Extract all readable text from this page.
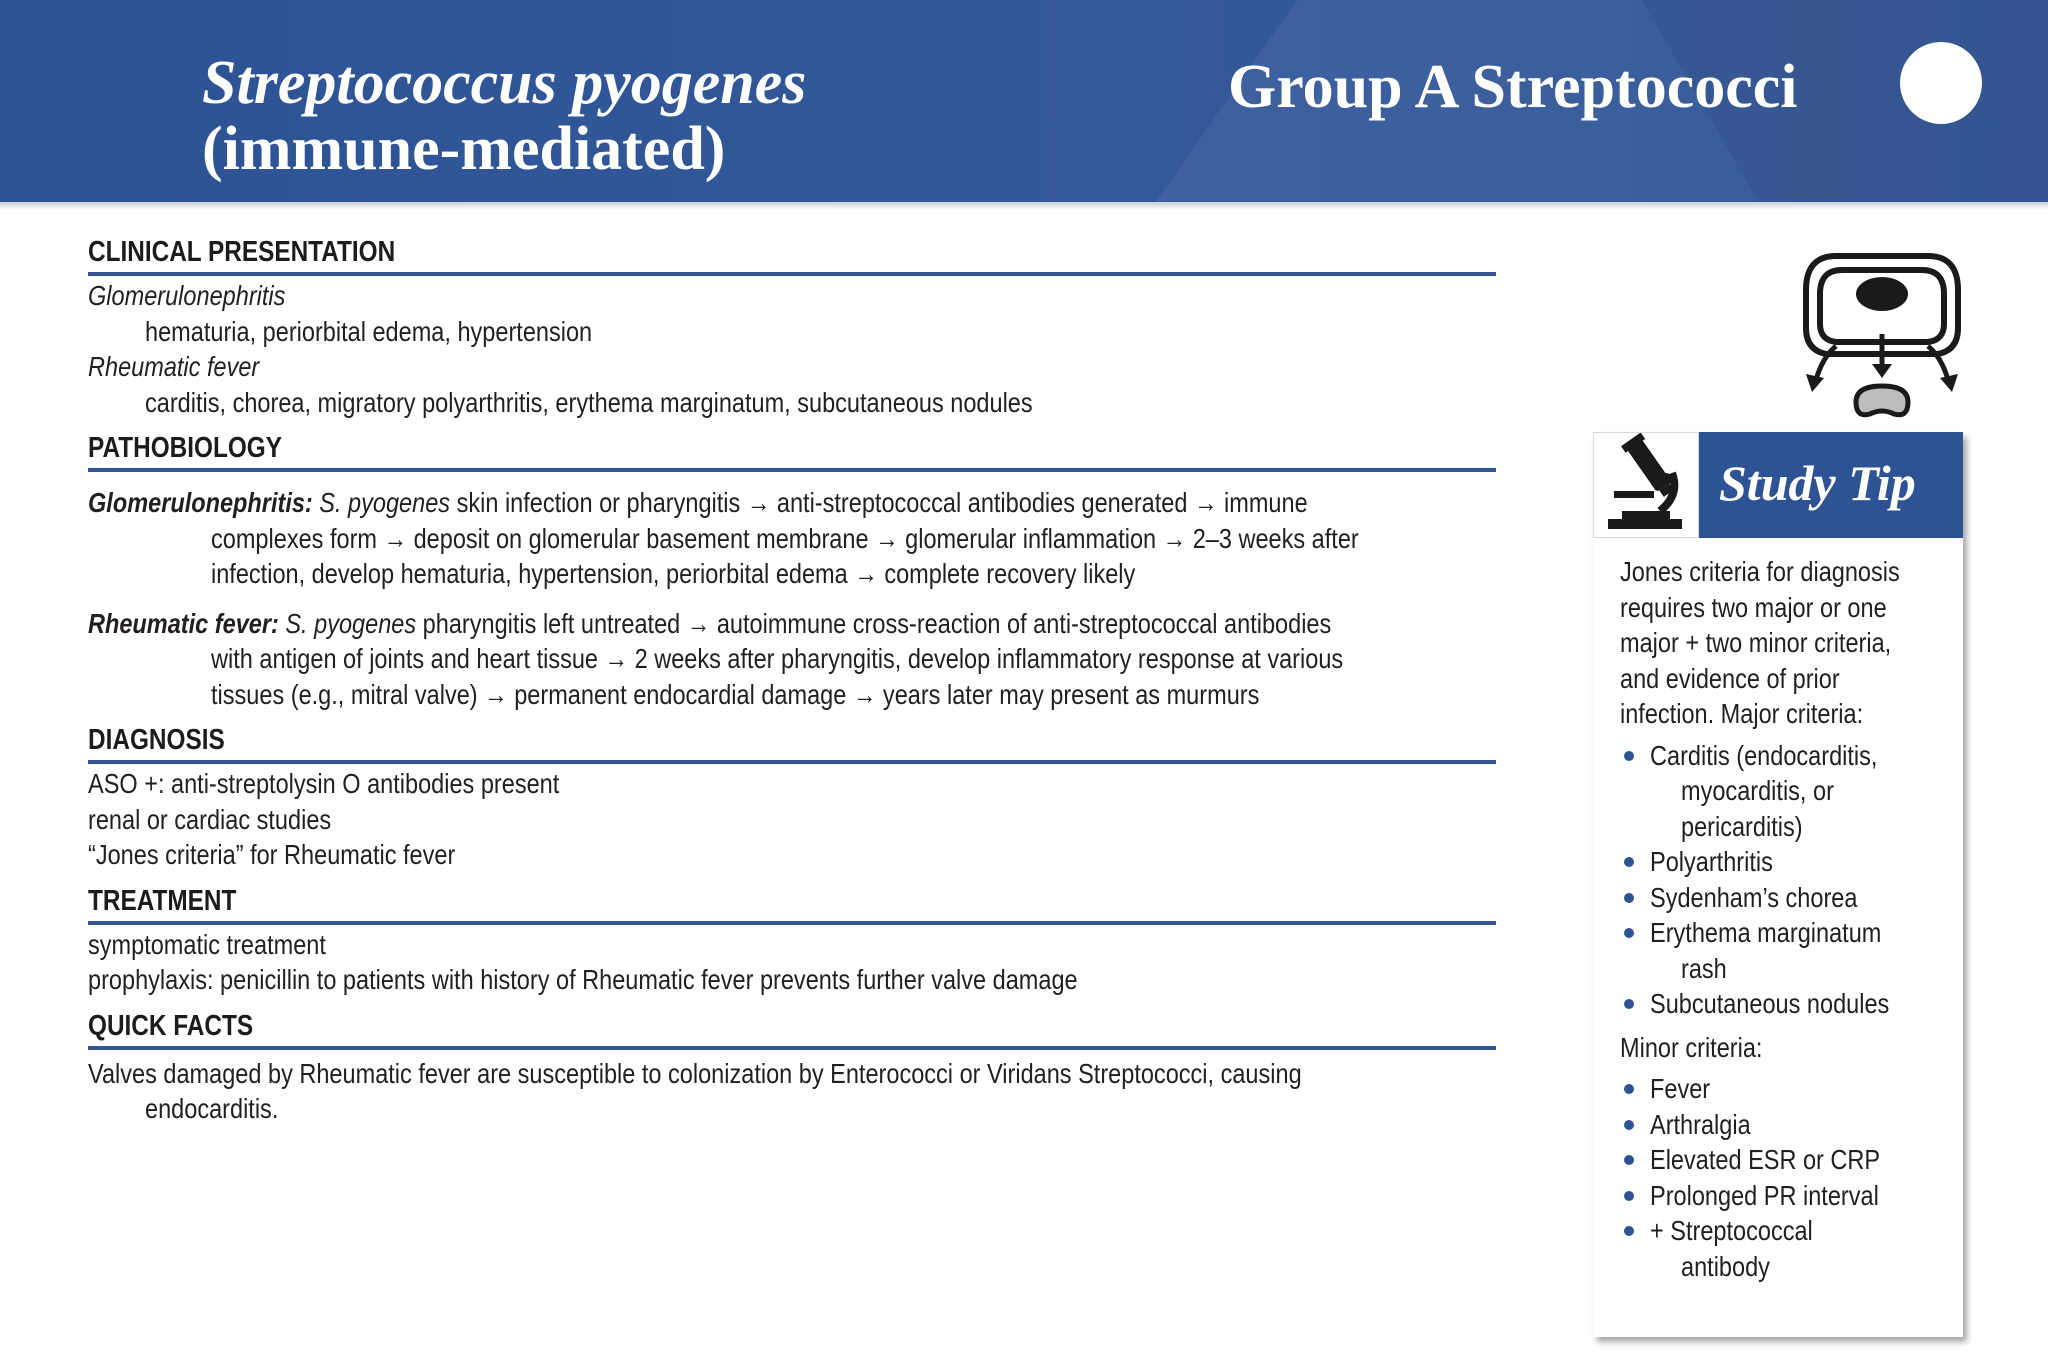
Streptococcus pyogenes
(immune-mediated)
Group A Streptococci
CLINICAL PRESENTATION
Glomerulonephritis
hematuria, periorbital edema, hypertension
Rheumatic fever
carditis, chorea, migratory polyarthritis, erythema marginatum, subcutaneous nodules
PATHOBIOLOGY
Glomerulonephritis: S. pyogenes skin infection or pharyngitis → anti-streptococcal antibodies generated → immune
complexes form → deposit on glomerular basement membrane → glomerular inflammation → 2–3 weeks after
infection, develop hematuria, hypertension, periorbital edema → complete recovery likely
Rheumatic fever: S. pyogenes pharyngitis left untreated → autoimmune cross-reaction of anti-streptococcal antibodies
with antigen of joints and heart tissue → 2 weeks after pharyngitis, develop inflammatory response at various
tissues (e.g., mitral valve) → permanent endocardial damage → years later may present as murmurs
DIAGNOSIS
ASO +: anti-streptolysin O antibodies present
renal or cardiac studies
“Jones criteria” for Rheumatic fever
TREATMENT
symptomatic treatment
prophylaxis: penicillin to patients with history of Rheumatic fever prevents further valve damage
QUICK FACTS
Valves damaged by Rheumatic fever are susceptible to colonization by Enterococci or Viridans Streptococci, causing
endocarditis.
Study Tip
Jones criteria for diagnosis
requires two major or one
major + two minor criteria,
and evidence of prior
infection. Major criteria:
Carditis (endocarditis,
myocarditis, or
pericarditis)
Polyarthritis
Sydenham’s chorea
Erythema marginatum
rash
Subcutaneous nodules
Minor criteria:
Fever
Arthralgia
Elevated ESR or CRP
Prolonged PR interval
+ Streptococcal
antibody
